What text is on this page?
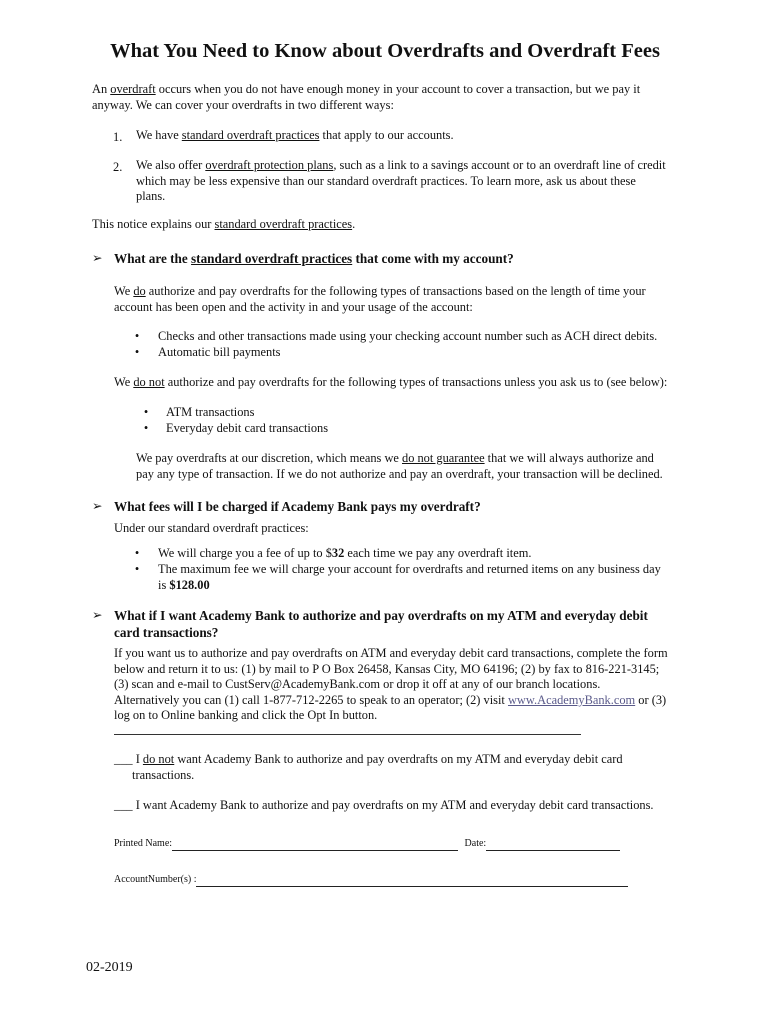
What You Need to Know about Overdrafts and Overdraft Fees

An overdraft occurs when you do not have enough money in your account to cover a transaction, but we pay it
anyway. We can cover your overdrafts in two different ways:

1. We have standard overdraft practices that apply to our accounts.

2. We also offer overdraft protection plans, such as a link to a savings account or to an overdraft line of credit
which may be less expensive than our standard overdraft practices. To learn more, ask us about these
plans.

This notice explains our standard overdraft practices.

➢ What are the standard overdraft practices that come with my account?

We do authorize and pay overdrafts for the following types of transactions based on the length of time your
account has been open and the activity in and your usage of the account:

•	Checks and other transactions made using your checking account number such as ACH direct debits.

•	Automatic bill payments

We do not authorize and pay overdrafts for the following types of transactions unless you ask us to (see below):

•	ATM transactions

•	Everyday debit card transactions

We pay overdrafts at our discretion, which means we do not guarantee that we will always authorize and
pay any type of transaction. If we do not authorize and pay an overdraft, your transaction will be declined.

➢ What fees will I be charged if Academy Bank pays my overdraft?

Under our standard overdraft practices:

•	We will charge you a fee of up to $32 each time we pay any overdraft item.

•	The maximum fee we will charge your account for overdrafts and returned items on any business day
is $128.00

➢ What if I want Academy Bank to authorize and pay overdrafts on my ATM and everyday debit
card transactions?

If you want us to authorize and pay overdrafts on ATM and everyday debit card transactions, complete the form
below and return it to us: (1) by mail to P O Box 26458, Kansas City, MO 64196; (2) by fax to 816-221-3145;
(3) scan and e-mail to CustServ@AcademyBank.com or drop it off at any of our branch locations.
Alternatively you can (1) call 1-877-712-2265 to speak to an operator; (2) visit www.AcademyBank.com or (3)
log on to Online banking and click the Opt In button.

___ I do not want Academy Bank to authorize and pay overdrafts on my ATM and everyday debit card
transactions.

___ I want Academy Bank to authorize and pay overdrafts on my ATM and everyday debit card transactions.

Printed Name:	Date:
AccountNumber(s) :
02-2019
